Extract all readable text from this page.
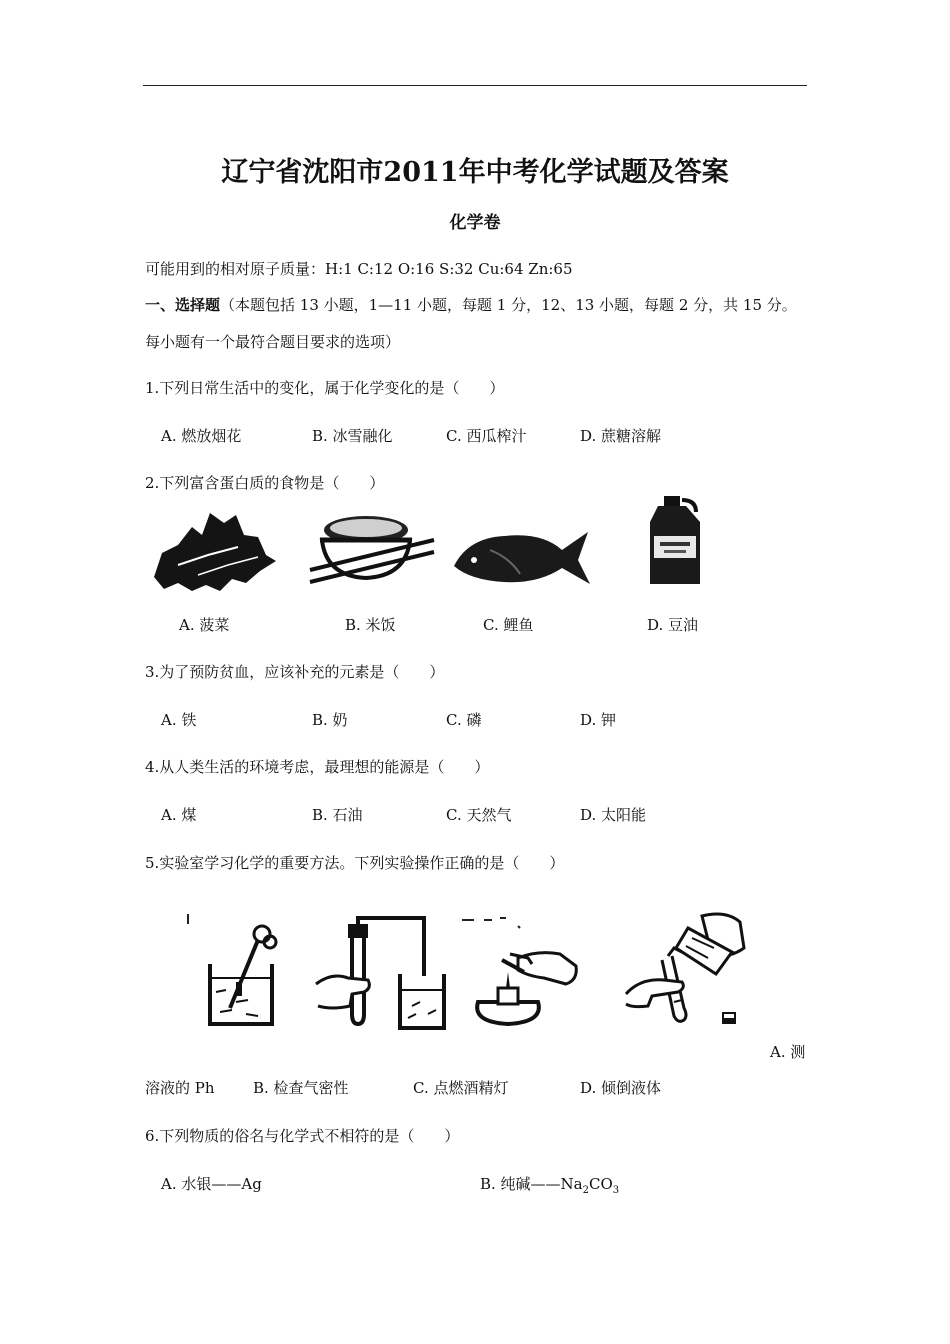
辽宁省沈阳市2011年中考化学试题及答案
化学卷
可能用到的相对原子质量：H:1 C:12 O:16 S:32 Cu:64 Zn:65
一、选择题（本题包括 13 小题，1—11 小题，每题 1 分，12、13 小题，每题 2 分，共 15 分。
每小题有一个最符合题目要求的选项）
1.下列日常生活中的变化，属于化学变化的是（　　）
A. 燃放烟花	B. 冰雪融化	C. 西瓜榨汁	D. 蔗糖溶解
2.下列富含蛋白质的食物是（　　）
A. 菠菜	B. 米饭	C. 鲤鱼	D. 豆油
3.为了预防贫血，应该补充的元素是（　　）
A. 铁	B. 奶	C. 磷	D. 钾
4.从人类生活的环境考虑，最理想的能源是（　　）
A. 煤	B. 石油	C. 天然气	D. 太阳能
5.实验室学习化学的重要方法。下列实验操作正确的是（　　）
A. 测
溶液的 Ph	B. 检查气密性	C. 点燃酒精灯	D. 倾倒液体
6.下列物质的俗名与化学式不相符的是（　　）
A. 水银——Ag	B. 纯碱$——Na_2CO_3$
